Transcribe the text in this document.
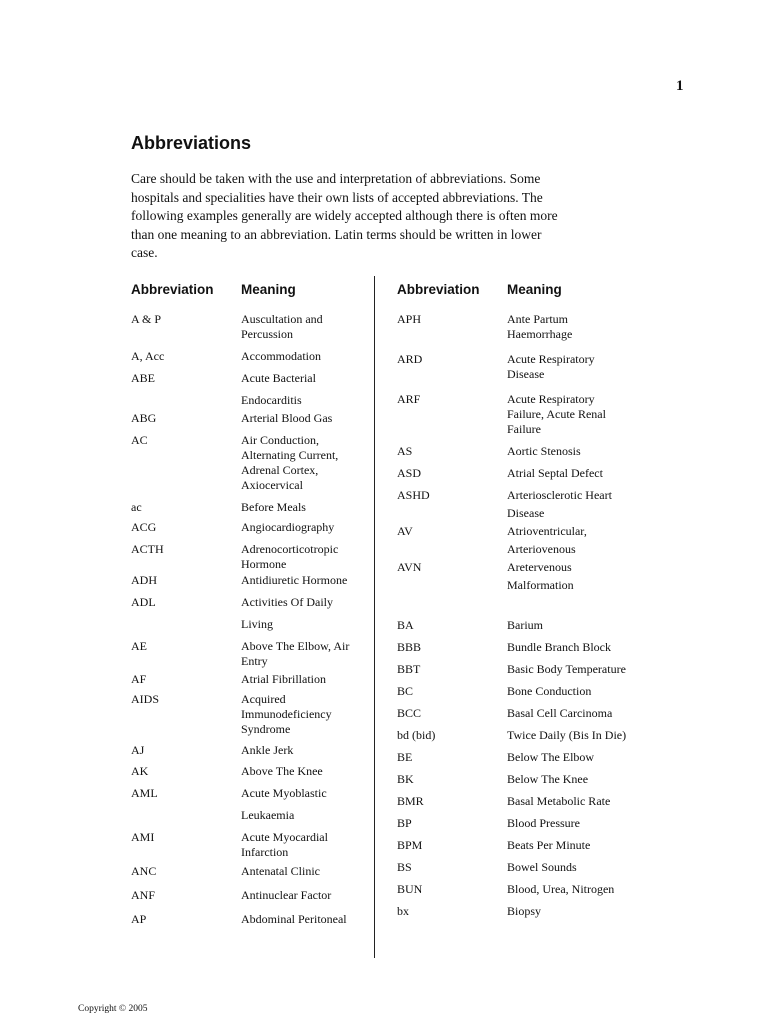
1
Abbreviations

Care should be taken with the use and interpretation of abbreviations. Some
hospitals and specialities have their own lists of accepted abbreviations. The
following examples generally are widely accepted although there is often more
than one meaning to an abbreviation. Latin terms should be written in lower
case.

Abbreviation	Meaning
A & P	Auscultation and
Percussion
A, Acc	Accommodation
ABE	Acute Bacterial
Endocarditis
ABG	Arterial Blood Gas
AC	Air Conduction,
Alternating Current,
Adrenal Cortex,
Axiocervical
ac	Before Meals
ACG	Angiocardiography
ACTH	Adrenocorticotropic
Hormone
ADH	Antidiuretic Hormone
ADL	Activities Of Daily
Living
AE	Above The Elbow, Air
Entry
AF	Atrial Fibrillation
AIDS	Acquired
Immunodeficiency
Syndrome
AJ	Ankle Jerk
AK	Above The Knee
AML	Acute Myoblastic
Leukaemia
AMI	Acute Myocardial
Infarction
ANC	Antenatal Clinic
ANF	Antinuclear Factor
AP	Abdominal Peritoneal
Abbreviation	Meaning
APH	Ante Partum
Haemorrhage
ARD	Acute Respiratory
Disease
ARF	Acute Respiratory
Failure, Acute Renal
Failure
AS	Aortic Stenosis
ASD	Atrial Septal Defect
ASHD	Arteriosclerotic Heart
Disease
AV	Atrioventricular,
Arteriovenous
AVN	Aretervenous
Malformation
BA	Barium
BBB	Bundle Branch Block
BBT	Basic Body Temperature
BC	Bone Conduction
BCC	Basal Cell Carcinoma
bd (bid)	Twice Daily (Bis In Die)
BE	Below The Elbow
BK	Below The Knee
BMR	Basal Metabolic Rate
BP	Blood Pressure
BPM	Beats Per Minute
BS	Bowel Sounds
BUN	Blood, Urea, Nitrogen
bx	Biopsy
Copyright © 2005
